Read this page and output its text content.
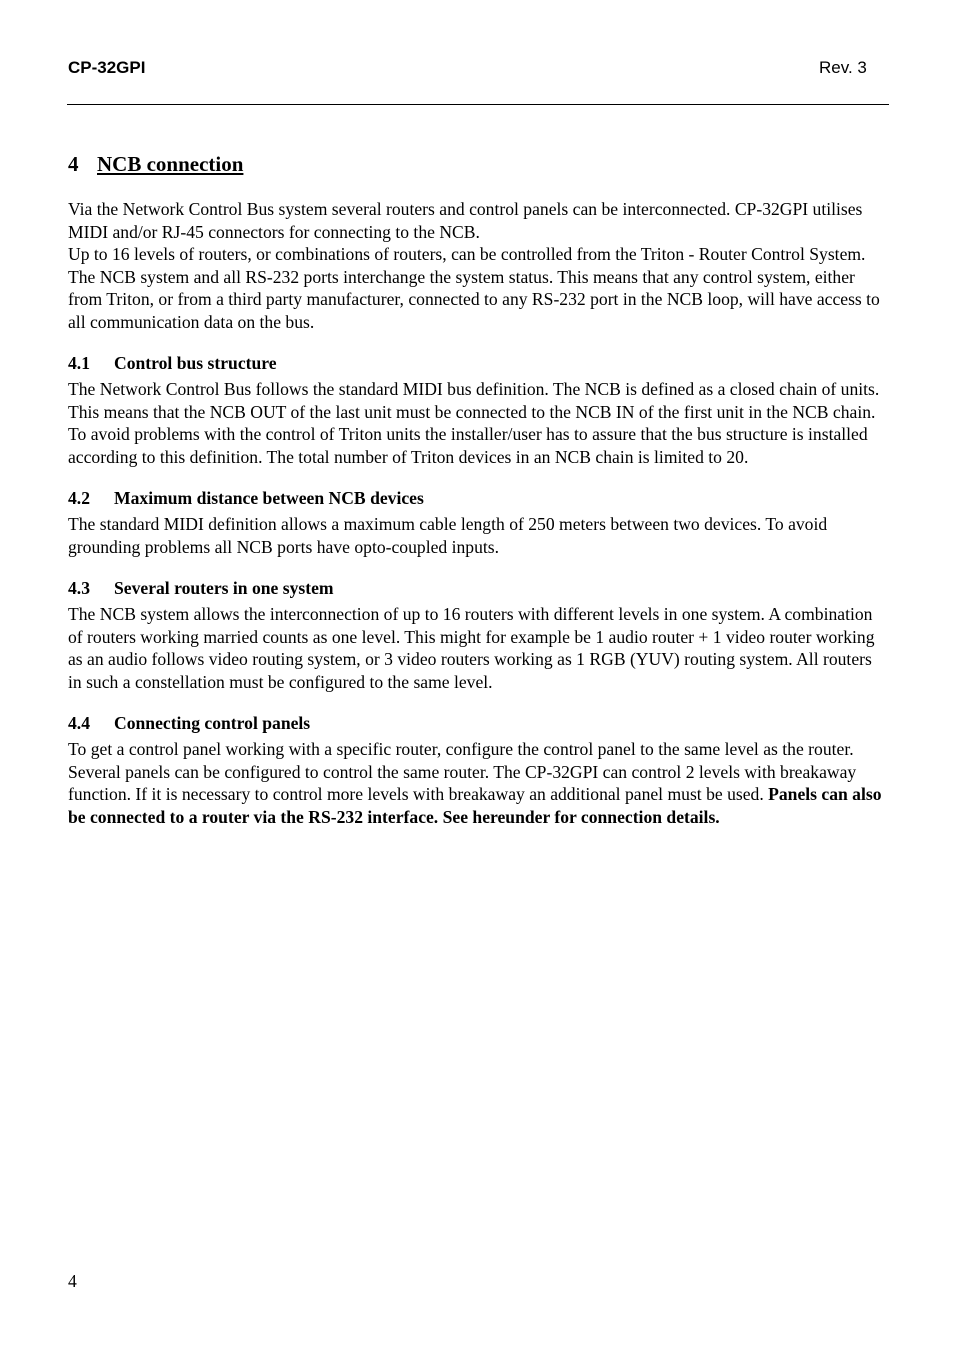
CP-32GPI	Rev. 3
4 NCB connection

Via the Network Control Bus system several routers and control panels can be interconnected. CP-32GPI utilises MIDI and/or RJ-45 connectors for connecting to the NCB.

Up to 16 levels of routers, or combinations of routers, can be controlled from the Triton - Router Control System. The NCB system and all RS-232 ports interchange the system status. This means that any control system, either from Triton, or from a third party manufacturer, connected to any RS-232 port in the NCB loop, will have access to all communication data on the bus.

4.1 Control bus structure

The Network Control Bus follows the standard MIDI bus definition. The NCB is defined as a closed chain of units. This means that the NCB OUT of the last unit must be connected to the NCB IN of the first unit in the NCB chain. To avoid problems with the control of Triton units the installer/user has to assure that the bus structure is installed according to this definition. The total number of Triton devices in an NCB chain is limited to 20.

4.2 Maximum distance between NCB devices

The standard MIDI definition allows a maximum cable length of 250 meters between two devices. To avoid grounding problems all NCB ports have opto-coupled inputs.

4.3 Several routers in one system

The NCB system allows the interconnection of up to 16 routers with different levels in one system. A combination of routers working married counts as one level. This might for example be 1 audio router + 1 video router working as an audio follows video routing system, or 3 video routers working as 1 RGB (YUV) routing system. All routers in such a constellation must be configured to the same level.

4.4 Connecting control panels

To get a control panel working with a specific router, configure the control panel to the same level as the router. Several panels can be configured to control the same router. The CP-32GPI can control 2 levels with breakaway function. If it is necessary to control more levels with breakaway an additional panel must be used. Panels can also be connected to a router via the RS-232 interface. See hereunder for connection details.

4
